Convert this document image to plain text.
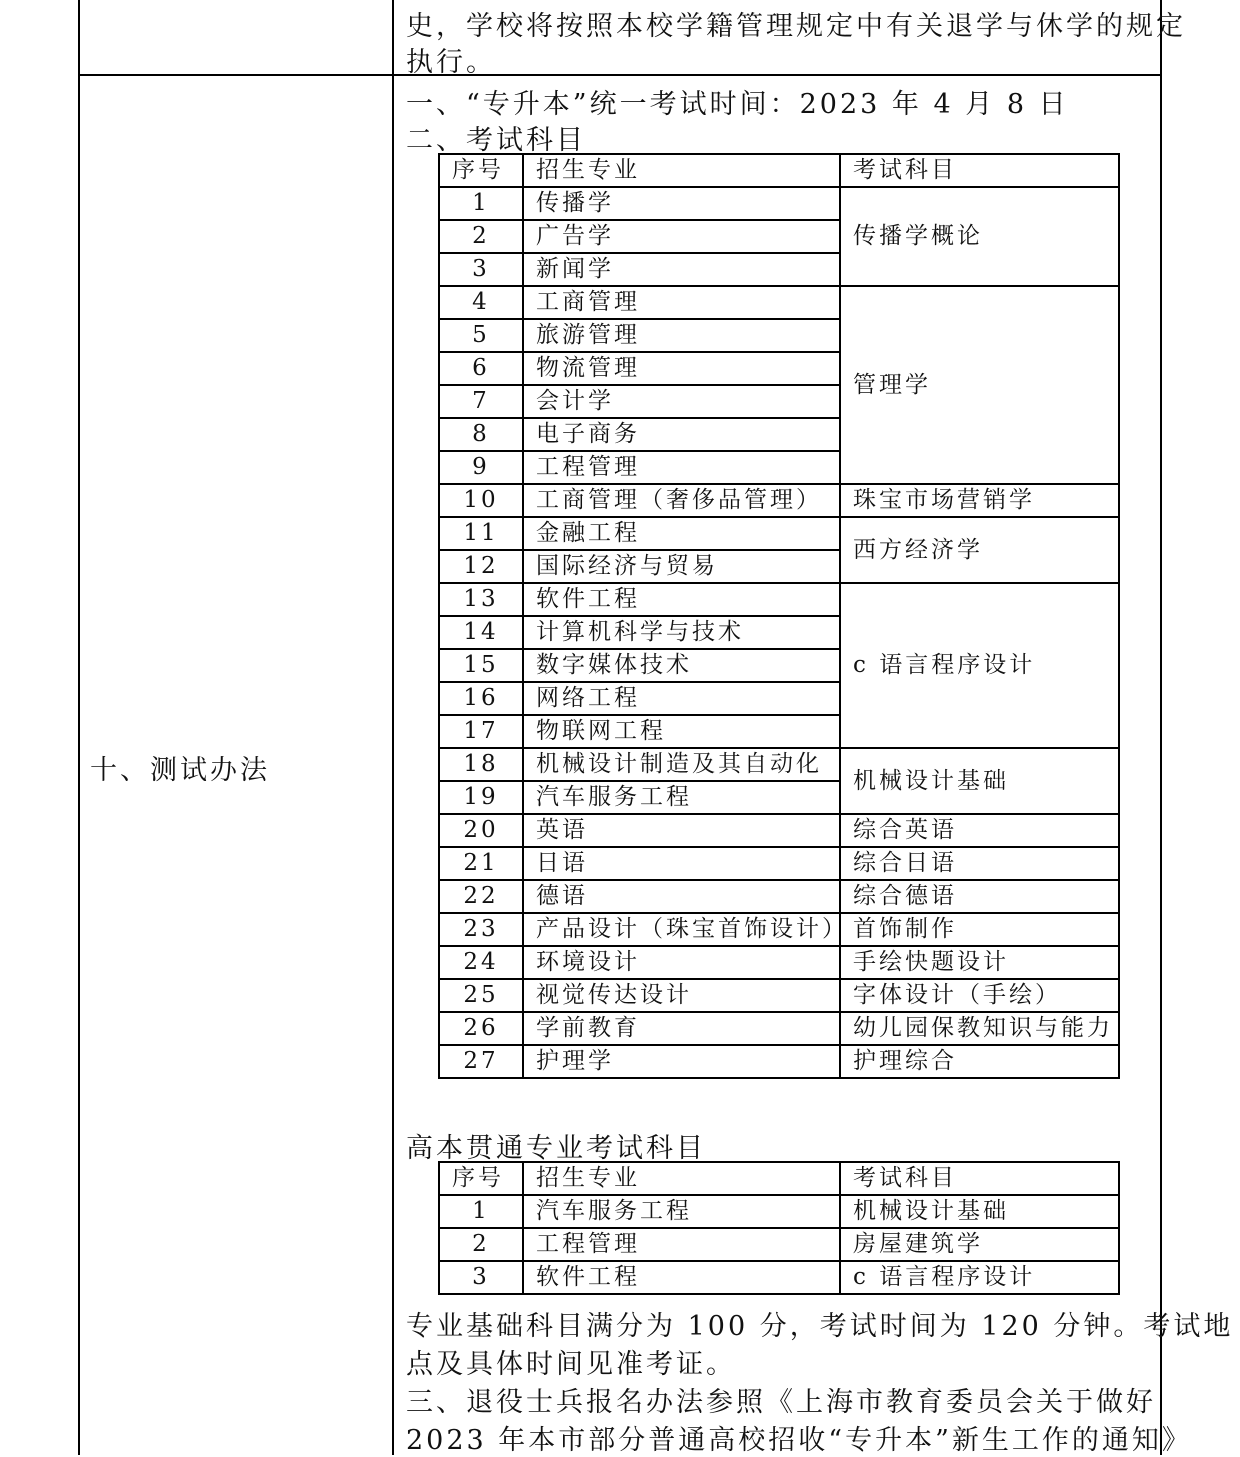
史，学校将按照本校学籍管理规定中有关退学与休学的规定
执行。
十、测试办法
一、“专升本”统一考试时间：2023 年 4 月 8 日
二、考试科目
序号	招生专业	考试科目
1	传播学	传播学概论
2	广告学	
3	新闻学	
4	工商管理	管理学
5	旅游管理	
6	物流管理	
7	会计学	
8	电子商务	
9	工程管理	
10	工商管理（奢侈品管理）	珠宝市场营销学
11	金融工程	西方经济学
12	国际经济与贸易	
13	软件工程	c 语言程序设计
14	计算机科学与技术	
15	数字媒体技术	
16	网络工程	
17	物联网工程	
18	机械设计制造及其自动化	机械设计基础
19	汽车服务工程	
20	英语	综合英语
21	日语	综合日语
22	德语	综合德语
23	产品设计（珠宝首饰设计）	首饰制作
24	环境设计	手绘快题设计
25	视觉传达设计	字体设计（手绘）
26	学前教育	幼儿园保教知识与能力
27	护理学	护理综合
高本贯通专业考试科目
序号	招生专业	考试科目
1	汽车服务工程	机械设计基础
2	工程管理	房屋建筑学
3	软件工程	c 语言程序设计
专业基础科目满分为 100 分，考试时间为 120 分钟。考试地
点及具体时间见准考证。
三、退役士兵报名办法参照《上海市教育委员会关于做好
2023 年本市部分普通高校招收“专升本”新生工作的通知》
